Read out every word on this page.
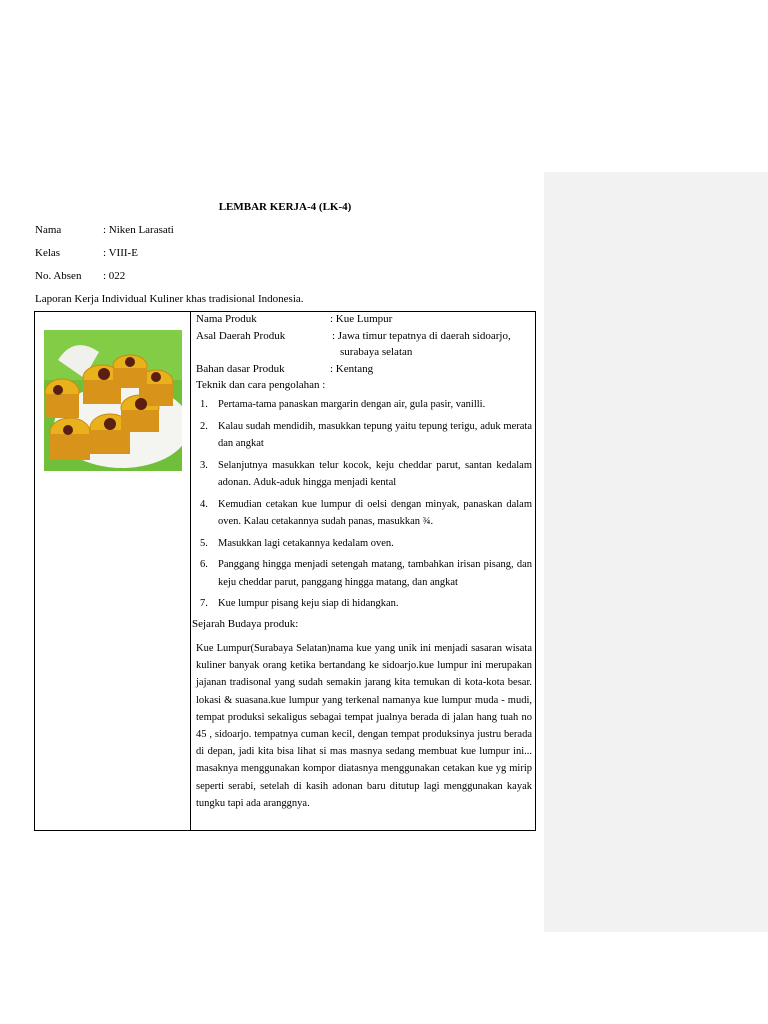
LEMBAR KERJA-4 (LK-4)
Nama	: Niken Larasati
Kelas	: VIII-E
No. Absen : 022
Laporan Kerja Individual Kuliner khas tradisional Indonesia.
Nama Produk	: Kue Lumpur
Asal Daerah Produk	: Jawa timur tepatnya di daerah sidoarjo,
surabaya selatan
Bahan dasar Produk	: Kentang
Teknik dan cara pengolahan :
1. Pertama-tama panaskan margarin dengan air, gula pasir, vanilli.
2. Kalau sudah mendidih, masukkan tepung yaitu tepung terigu, aduk merata dan angkat
3. Selanjutnya masukkan telur kocok, keju cheddar parut, santan kedalam adonan. Aduk-aduk hingga menjadi kental
4. Kemudian cetakan kue lumpur di oelsi dengan minyak, panaskan dalam oven. Kalau cetakannya sudah panas, masukkan ¾.
5. Masukkan lagi cetakannya kedalam oven.
6. Panggang hingga menjadi setengah matang, tambahkan irisan pisang, dan keju cheddar parut, panggang hingga matang, dan angkat
7. Kue lumpur pisang keju siap di hidangkan.
Sejarah Budaya produk:
Kue Lumpur(Surabaya Selatan)nama kue yang unik ini menjadi sasaran wisata kuliner banyak orang ketika bertandang ke sidoarjo.kue lumpur ini merupakan jajanan tradisonal yang sudah semakin jarang kita temukan di kota-kota besar. lokasi & suasana.kue lumpur yang terkenal namanya kue lumpur muda - mudi, tempat produksi sekaligus sebagai tempat jualnya berada di jalan hang tuah no 45 , sidoarjo. tempatnya cuman kecil, dengan tempat produksinya justru berada di depan, jadi kita bisa lihat si mas masnya sedang membuat kue lumpur ini... masaknya menggunakan kompor diatasnya menggunakan cetakan kue yg mirip seperti serabi, setelah di kasih adonan baru ditutup lagi menggunakan kayak tungku tapi ada aranggnya.
